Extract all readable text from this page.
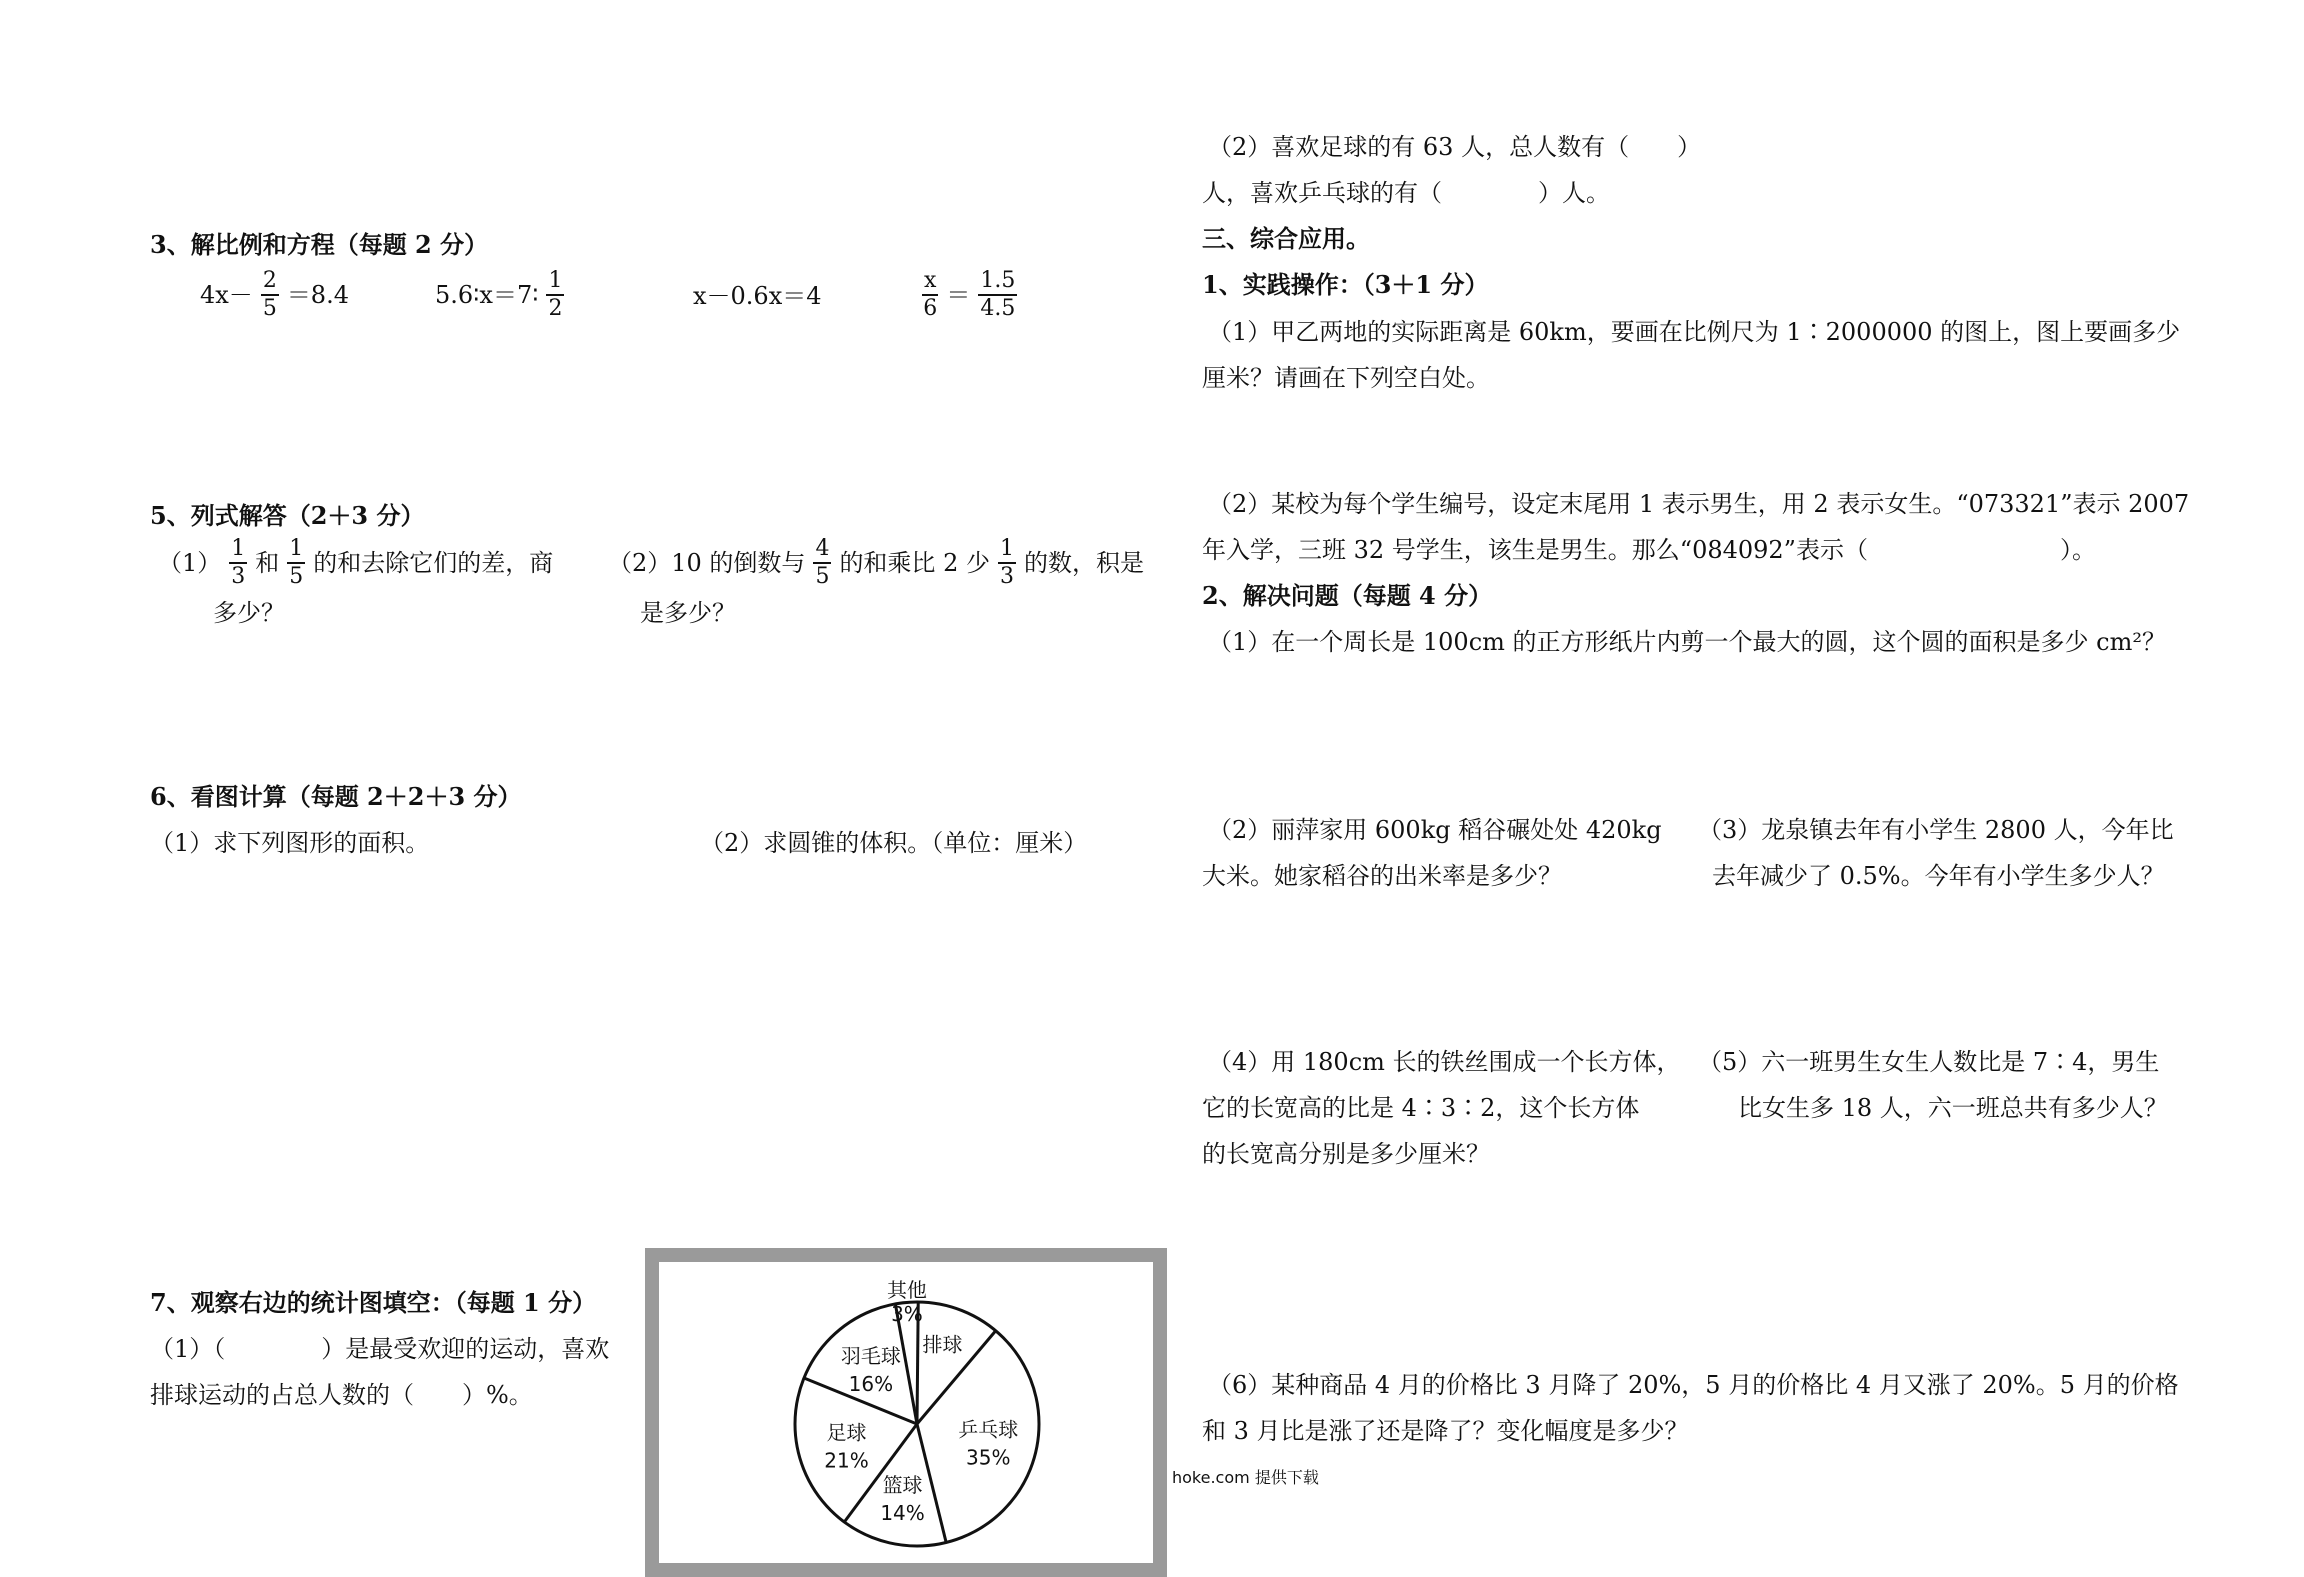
3、解比例和方程（每题 2 分）
$4x- \frac{2}{5} =8.4$	5.6∶x＝7∶ $\frac{1}{2}$	x－0.6x＝4	$\frac{x}{6} = \frac{1.5}{4.5}$
5、列式解答（2＋3 分）
$(1) \frac{1}{3}$ 和 $\frac{1}{5}$ 的和去除它们的差，商
多少？
（2）10 的倒数与 $\frac{4}{5}$ 的和乘比 2 少 $\frac{1}{3}$ 的数，积是
是多少？
6、看图计算（每题 2＋2＋3 分）
（1）求下列图形的面积。	（2）求圆锥的体积。（单位：厘米）
7、观察右边的统计图填空：（每题 1 分）
（1）（　　　　）是最受欢迎的运动，喜欢
排球运动的占总人数的（　　）%。
排球
乒乓球
35%
篮球
14%
足球
21%
羽毛球
16%
其他
3%
（2）喜欢足球的有 63 人，总人数有（　　）
人，喜欢乒乓球的有（　　　　）人。
三、综合应用。
1、实践操作：（3＋1 分）
（1）甲乙两地的实际距离是 60km，要画在比例尺为 1∶2000000 的图上，图上要画多少
厘米？请画在下列空白处。
（2）某校为每个学生编号，设定末尾用 1 表示男生，用 2 表示女生。“073321”表示 2007
年入学，三班 32 号学生，该生是男生。那么“084092”表示（　　　　　　　　）。
2、解决问题（每题 4 分）
（1）在一个周长是 100cm 的正方形纸片内剪一个最大的圆，这个圆的面积是多少 cm²？
（2）丽萍家用 600kg 稻谷碾处处 420kg
大米。她家稻谷的出米率是多少？
（3）龙泉镇去年有小学生 2800 人，今年比
去年减少了 0.5%。今年有小学生多少人？
（4）用 180cm 长的铁丝围成一个长方体，
它的长宽高的比是 4∶3∶2，这个长方体
的长宽高分别是多少厘米？
（5）六一班男生女生人数比是 7∶4，男生
比女生多 18 人，六一班总共有多少人？
（6）某种商品 4 月的价格比 3 月降了 20%，5 月的价格比 4 月又涨了 20%。5 月的价格
和 3 月比是涨了还是降了？变化幅度是多少？
hoke.com 提供下载
